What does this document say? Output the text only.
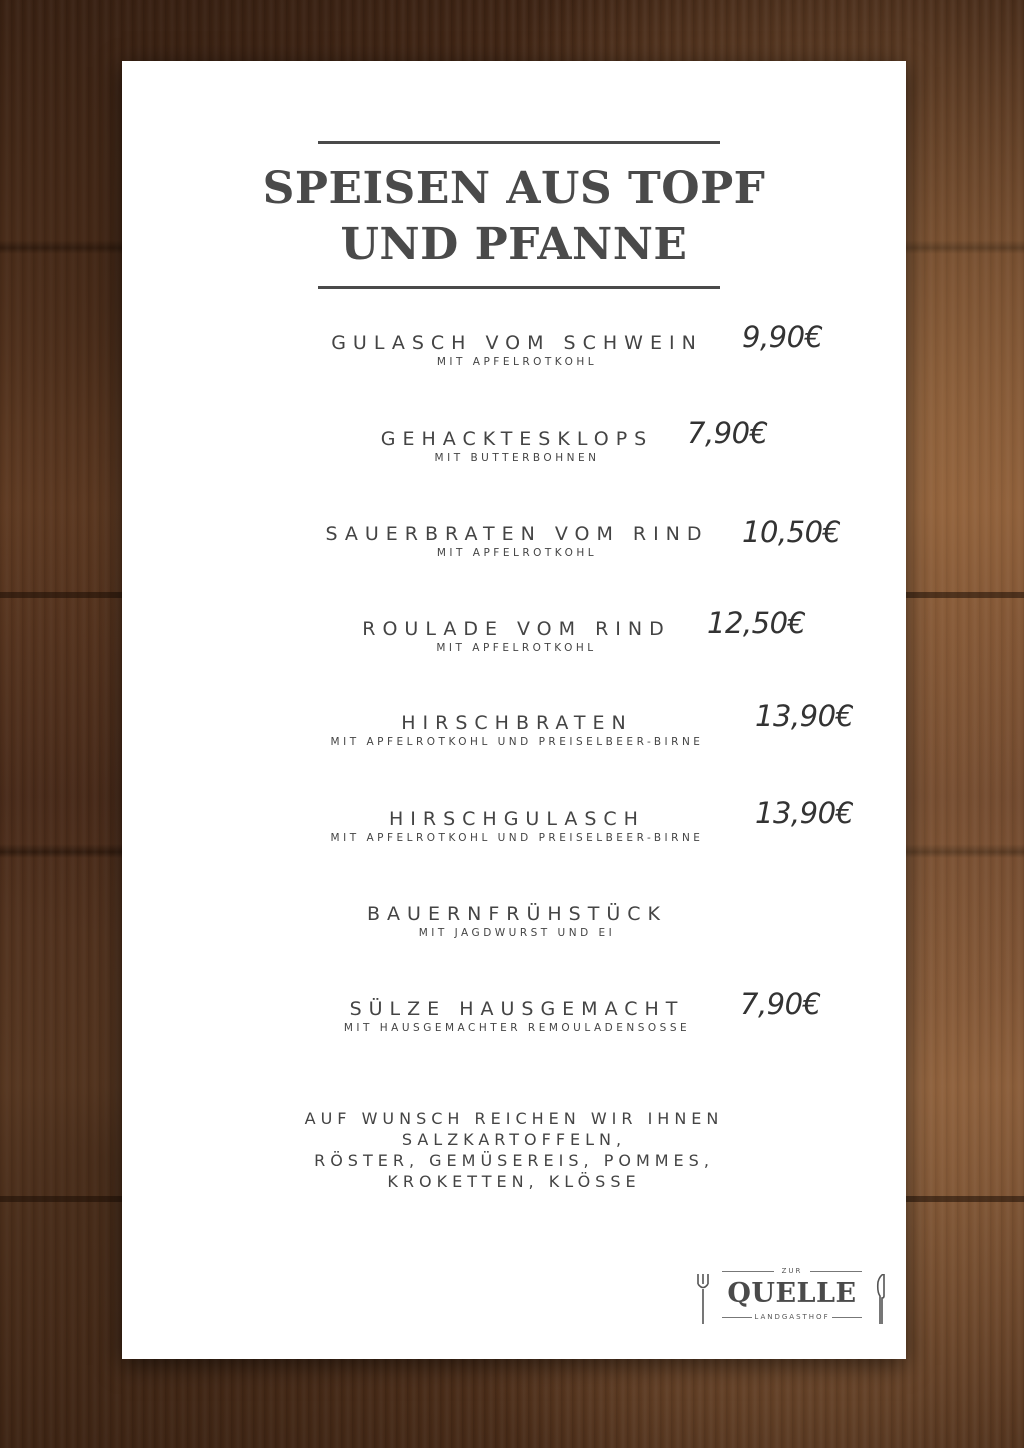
SPEISEN AUS TOPF
UND PFANNE
GULASCH VOM SCHWEIN
MIT APFELROTKOHL
9,90€
GEHACKTESKLOPS
MIT BUTTERBOHNEN
7,90€
SAUERBRATEN VOM RIND
MIT APFELROTKOHL
10,50€
ROULADE VOM RIND
MIT APFELROTKOHL
12,50€
HIRSCHBRATEN
MIT APFELROTKOHL UND PREISELBEER-BIRNE
13,90€
HIRSCHGULASCH
MIT APFELROTKOHL UND PREISELBEER-BIRNE
13,90€
BAUERNFRÜHSTÜCK
MIT JAGDWURST UND EI
SÜLZE HAUSGEMACHT
MIT HAUSGEMACHTER REMOULADENSOSSE
7,90€
AUF WUNSCH REICHEN WIR IHNEN
SALZKARTOFFELN,
RÖSTER, GEMÜSEREIS, POMMES,
KROKETTEN, KLÖSSE
ZUR
QUELLE
LANDGASTHOF
